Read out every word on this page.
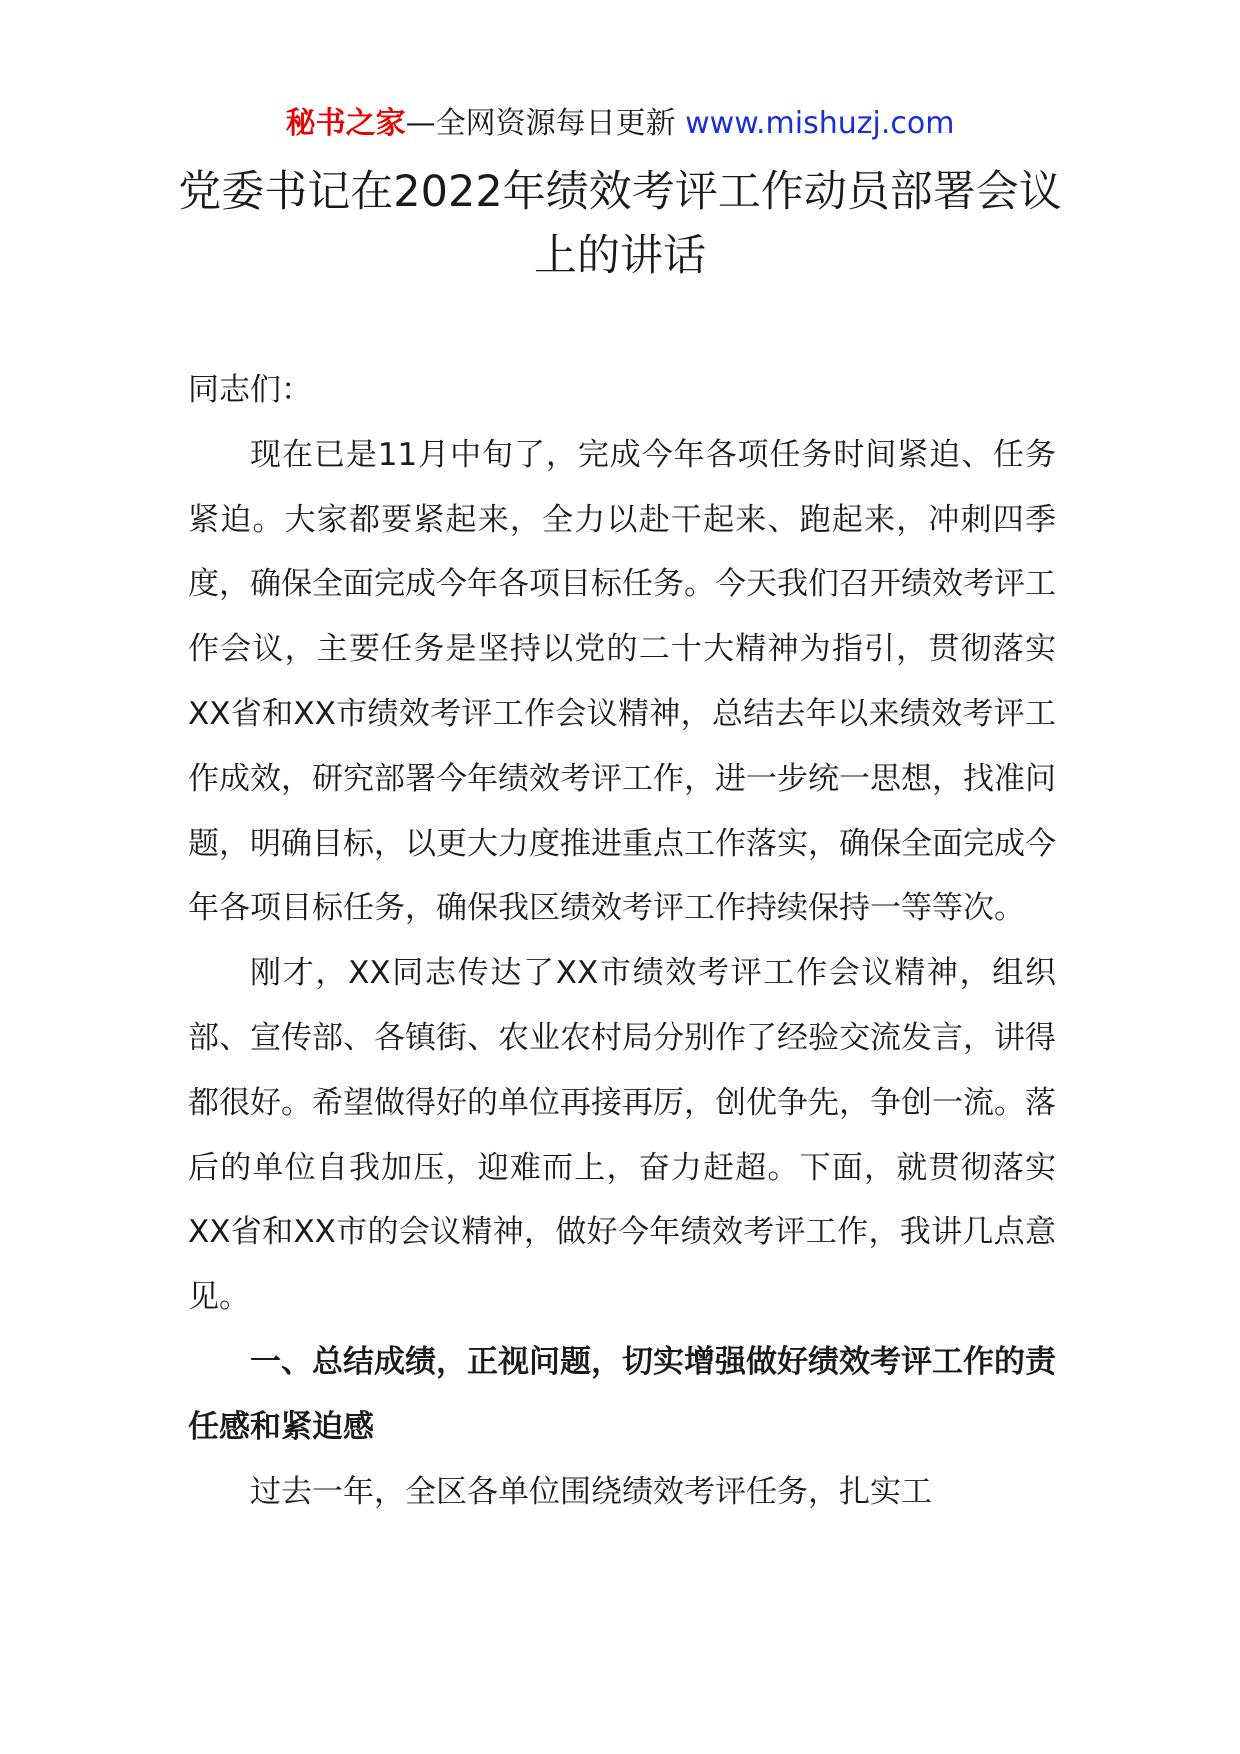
秘书之家—全网资源每日更新 www.mishuzj.com
党委书记在2022年绩效考评工作动员部署会议上的讲话

同志们：

现在已是11月中旬了，完成今年各项任务时间紧迫、任务紧迫。大家都要紧起来，全力以赴干起来、跑起来，冲刺四季度，确保全面完成今年各项目标任务。今天我们召开绩效考评工作会议，主要任务是坚持以党的二十大精神为指引，贯彻落实XX省和XX市绩效考评工作会议精神，总结去年以来绩效考评工作成效，研究部署今年绩效考评工作，进一步统一思想，找准问题，明确目标，以更大力度推进重点工作落实，确保全面完成今年各项目标任务，确保我区绩效考评工作持续保持一等等次。

刚才，XX同志传达了XX市绩效考评工作会议精神，组织部、宣传部、各镇街、农业农村局分别作了经验交流发言，讲得都很好。希望做得好的单位再接再厉，创优争先，争创一流。落后的单位自我加压，迎难而上，奋力赶超。下面，就贯彻落实XX省和XX市的会议精神，做好今年绩效考评工作，我讲几点意见。

一、总结成绩，正视问题，切实增强做好绩效考评工作的责任感和紧迫感

过去一年，全区各单位围绕绩效考评任务，扎实工
